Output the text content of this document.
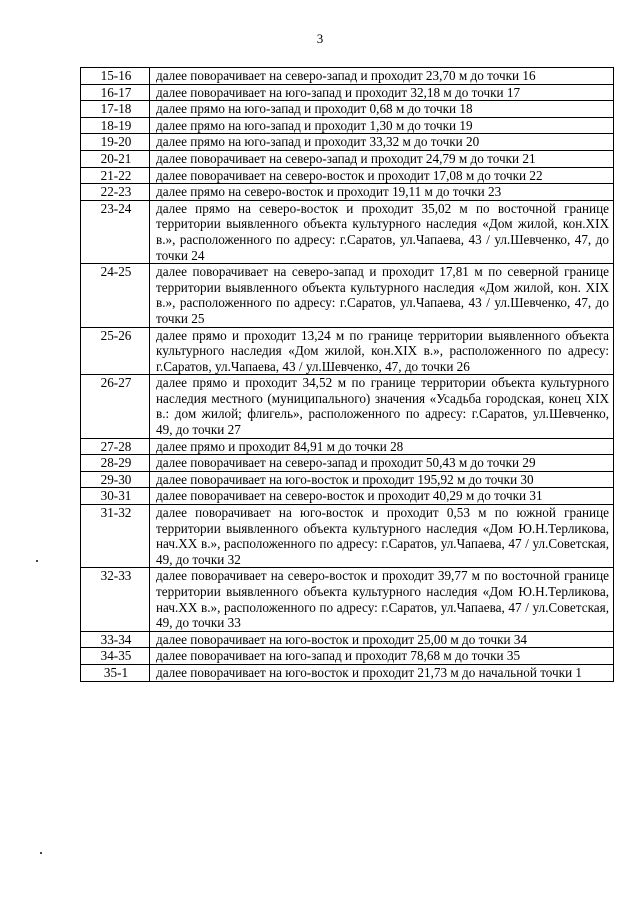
3
15-16	далее поворачивает на северо-запад и проходит 23,70 м до точки 16
16-17	далее поворачивает на юго-запад и проходит 32,18 м до точки 17
17-18	далее прямо на юго-запад и проходит 0,68 м до точки 18
18-19	далее прямо на юго-запад и проходит 1,30 м до точки 19
19-20	далее прямо на юго-запад и проходит 33,32 м до точки 20
20-21	далее поворачивает на северо-запад и проходит 24,79 м до точки 21
21-22	далее поворачивает на северо-восток и проходит 17,08 м до точки 22
22-23	далее прямо на северо-восток и проходит 19,11 м до точки 23
23-24	далее прямо на северо-восток и проходит 35,02 м по восточной границе территории выявленного объекта культурного наследия «Дом жилой, кон.XIX в.», расположенного по адресу: г.Саратов, ул.Чапаева, 43 / ул.Шевченко, 47, до точки 24
24-25	далее поворачивает на северо-запад и проходит 17,81 м по северной границе территории выявленного объекта культурного наследия «Дом жилой, кон. XIX в.», расположенного по адресу: г.Саратов, ул.Чапаева, 43 / ул.Шевченко, 47, до точки 25
25-26	далее прямо и проходит 13,24 м по границе территории выявленного объекта культурного наследия «Дом жилой, кон.XIX в.», расположенного по адресу: г.Саратов, ул.Чапаева, 43 / ул.Шевченко, 47, до точки 26
26-27	далее прямо и проходит 34,52 м по границе территории объекта культурного наследия местного (муниципального) значения «Усадьба городская, конец XIX в.: дом жилой; флигель», расположенного по адресу: г.Саратов, ул.Шевченко, 49, до точки 27
27-28	далее прямо и проходит 84,91 м до точки 28
28-29	далее поворачивает на северо-запад и проходит 50,43 м до точки 29
29-30	далее поворачивает на юго-восток и проходит 195,92 м до точки 30
30-31	далее поворачивает на северо-восток и проходит 40,29 м до точки 31
31-32	далее поворачивает на юго-восток и проходит 0,53 м по южной границе территории выявленного объекта культурного наследия «Дом Ю.Н.Терликова, нач.XX в.», расположенного по адресу: г.Саратов, ул.Чапаева, 47 / ул.Советская, 49, до точки 32
32-33	далее поворачивает на северо-восток и проходит 39,77 м по восточной границе территории выявленного объекта культурного наследия «Дом Ю.Н.Терликова, нач.XX в.», расположенного по адресу: г.Саратов, ул.Чапаева, 47 / ул.Советская, 49, до точки 33
33-34	далее поворачивает на юго-восток и проходит 25,00 м до точки 34
34-35	далее поворачивает на юго-запад и проходит 78,68 м до точки 35
35-1	далее поворачивает на юго-восток и проходит 21,73 м до начальной точки 1
